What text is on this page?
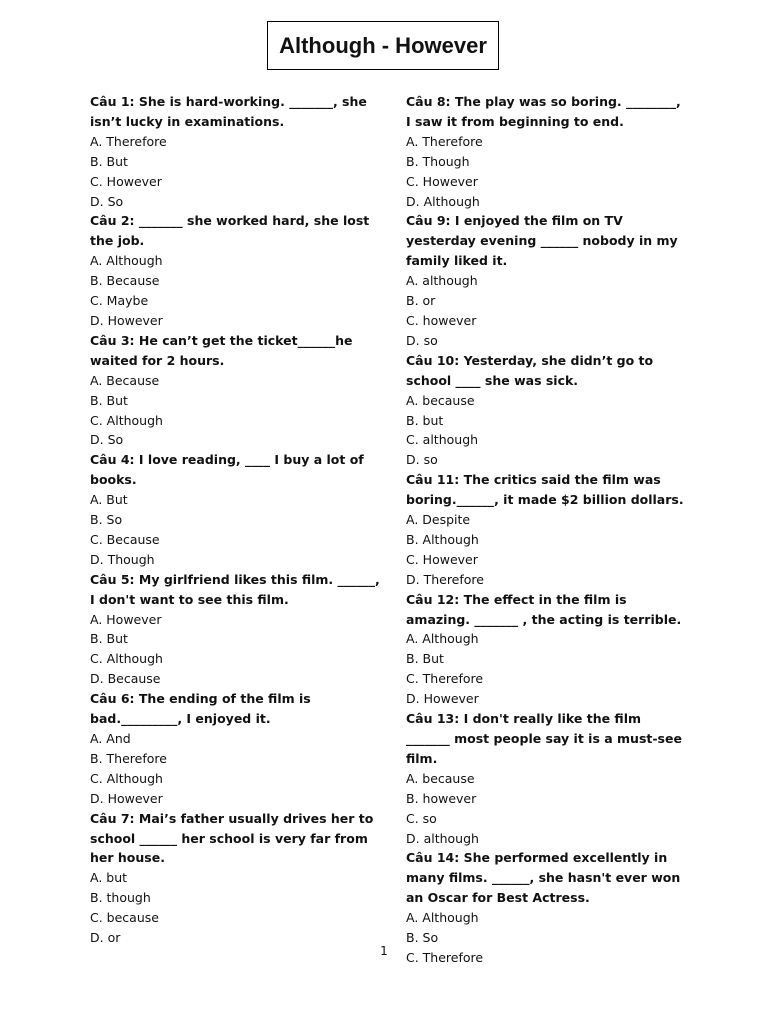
Although - However
Câu 1: She is hard-working. _______, she isn’t lucky in examinations.
A. Therefore
B. But
C. However
D. So
Câu 2: _______ she worked hard, she lost the job.
A. Although
B. Because
C. Maybe
D. However
Câu 3: He can’t get the ticket______he waited for 2 hours.
A. Because
B. But
C. Although
D. So
Câu 4: I love reading, ____ I buy a lot of books.
A. But
B. So
C. Because
D. Though
Câu 5: My girlfriend likes this film. ______, I don't want to see this film.
A. However
B. But
C. Although
D. Because
Câu 6: The ending of the film is bad._________, I enjoyed it.
A. And
B. Therefore
C. Although
D. However
Câu 7: Mai’s father usually drives her to school ______ her school is very far from her house.
A. but
B. though
C. because
D. or
Câu 8: The play was so boring. ________, I saw it from beginning to end.
A. Therefore
B. Though
C. However
D. Although
Câu 9: I enjoyed the film on TV yesterday evening ______ nobody in my family liked it.
A. although
B. or
C. however
D. so
Câu 10: Yesterday, she didn’t go to school ____ she was sick.
A. because
B. but
C. although
D. so
Câu 11: The critics said the film was boring.______, it made $2 billion dollars.
A. Despite
B. Although
C. However
D. Therefore
Câu 12: The effect in the film is amazing. _______ , the acting is terrible.
A. Although
B. But
C. Therefore
D. However
Câu 13: I don't really like the film _______ most people say it is a must-see film.
A. because
B. however
C. so
D. although
Câu 14: She performed excellently in many films. ______, she hasn't ever won an Oscar for Best Actress.
A. Although
B. So
C. Therefore
1
